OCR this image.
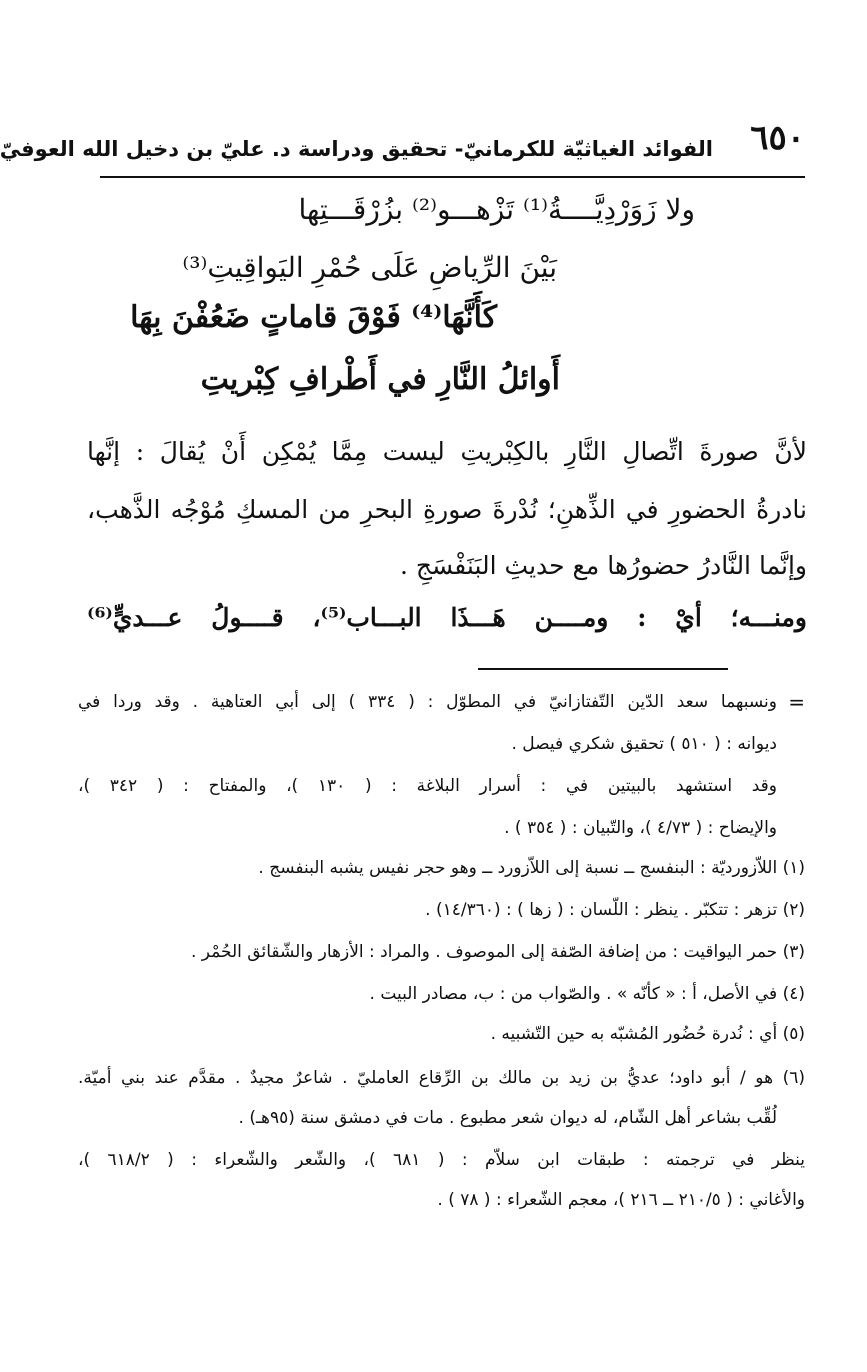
٦٥٠
الفوائد الغياثيّة للكرمانيّ- تحقيق ودراسة د. عليّ بن دخيل الله العوفيّ
ولا زَوَرْدِيَّــــةُ⁽¹⁾ تَزْهـــو⁽²⁾ بزُرْقَـــتِها
بَيْنَ الرِّياضِ عَلَى حُمْرِ اليَواقِيتِ⁽³⁾
كَأَنَّهَا⁽⁴⁾ فَوْقَ قاماتٍ ضَعُفْنَ بِهَا
أَوائلُ النَّارِ في أَطْرافِ كِبْريتِ
لأنَّ صورةَ اتِّصالِ النَّارِ بالكِبْريتِ ليست مِمَّا يُمْكِن أَنْ يُقالَ : إنَّها
نادرةُ الحضورِ في الذِّهنِ؛ نُدْرةَ صورةِ البحرِ من المسكِ مُوْجُه الذَّهب،
وإنَّما النَّادرُ حضورُها مع حديثِ البَنَفْسَجِ .
ومنـــه؛ أيْ : ومــــن هَـــذَا البـــاب⁽⁵⁾، قــــولُ عـــديٍّ⁽⁶⁾
=
ونسبهما سعد الدّين التّفتازانيّ في المطوّل : ( ٣٣٤ ) إلى أبي العتاهية . وقد وردا في
ديوانه : ( ٥١٠ ) تحقيق شكري فيصل .
وقد استشهد بالبيتين في : أسرار البلاغة : ( ١٣٠ )، والمفتاح : ( ٣٤٢ )،
والإيضاح : ( ٤/٧٣ )، والتّبيان : ( ٣٥٤ ) .
(١) اللاّزورديّة : البنفسج ــ نسبة إلى اللاّزورد ــ وهو حجر نفيس يشبه البنفسج .
(٢) تزهر : تتكبّر . ينظر : اللّسان : ( زها ) : (١٤/٣٦٠) .
(٣) حمر اليواقيت : من إضافة الصّفة إلى الموصوف . والمراد : الأزهار والشّقائق الحُمْر .
(٤) في الأصل، أ : « كأنّه » . والصّواب من : ب، مصادر البيت .
(٥) أي : نُدرة حُضُور المُشبّه به حين التّشبيه .
(٦) هو / أبو داود؛ عديُّ بن زيد بن مالك بن الرِّقاع العامليّ . شاعرٌ مجيدٌ . مقدَّم عند بني أميّة.
لُقِّب بشاعر أهل الشّام، له ديوان شعر مطبوع . مات في دمشق سنة (٩٥هـ) .
ينظر في ترجمته : طبقات ابن سلاّم : ( ٦٨١ )، والشّعر والشّعراء : ( ٦١٨/٢ )،
والأغاني : ( ٢١٠/٥ ــ ٢١٦ )، معجم الشّعراء : ( ٧٨ ) .
